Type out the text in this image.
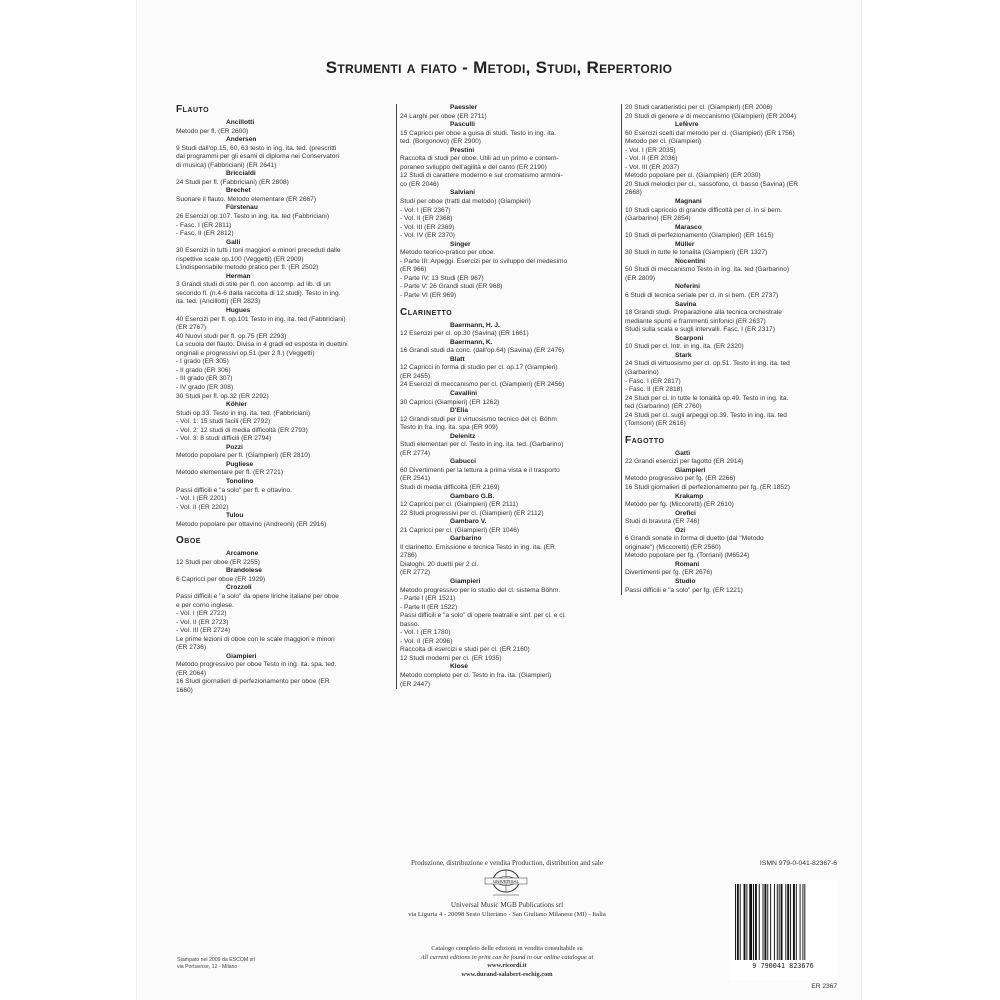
Strumenti a fiato - Metodi, Studi, Repertorio
Flauto
Ancillotti
Metodo per fl. (ER 2600)
Andersen
9 Studi dall'op.15, 60, 63 testo in ing. ita. ted. (prescritti
dai programmi per gli esami di diploma nei Conservatori
di musica) (Fabbriciani) (ER 2641)
Briccialdi
24 Studi per fl. (Fabbriciani) (ER 2808)
Brechet
Suonare il flauto. Metodo elementare (ER 2667)
Fürstenau
26 Esercizi op.107. Testo in ing. ita. ted (Fabbriciani)
- Fasc. I (ER 2811)
- Fasc. II (ER 2812)
Galli
30 Esercizi in tutti i toni maggiori e minori preceduti dalle
rispettive scale op.100 (Veggetti) (ER 2909)
L'indispensabile metodo pratico per fl. (ER 2502)
Herman
3 Grandi studi di stile per fl. con accomp. ad lib. di un
secondo fl. (n.4-6 dalla raccolta di 12 studi). Testo in ing.
ita. ted. (Ancillotti) (ER 2823)
Hugues
40 Esercizi per fl. op.101 Testo in ing. ita. ted (Fabbriciani)
(ER 2767)
40 Nuovi studi per fl. op.75 (ER 2293)
La scuola del flauto. Divisa in 4 gradi ed esposta in duettini
originali e progressivi op.51 (per 2 fl.) (Veggetti)
- I grado (ER 305)
- II grado (ER 306)
- III grado (ER 307)
- IV grado (ER 308)
30 Studi per fl. op.32 (ER 2292)
Köhler
Studi op.33. Testo in ing. ita. ted. (Fabbriciani)
- Vol. 1: 15 studi facili (ER 2792)
- Vol. 2: 12 studi di media difficoltà (ER 2793)
- Vol. 3: 8 studi difficili (ER 2794)
Pozzi
Metodo popolare per fl. (Giampieri) (ER 2810)
Pugliese
Metodo elementare per fl. (ER 2721)
Tonolino
Passi difficili e "a solo" per fl. e ottavino.
- Vol. I (ER 2201)
- Vol. II (ER 2202)
Tulou
Metodo popolare per ottavino (Andreoni) (ER 2916)
Oboe
Arcamone
12 Studi per oboe (ER 2255)
Brandolese
6 Capricci per oboe (ER 1929)
Crozzoli
Passi difficili e "a solo" da opere liriche italiane per oboe
e per corno inglese.
- Vol. I (ER 2722)
- Vol. II (ER 2723)
- Vol. III (ER 2724)
Le prime lezioni di oboe con le scale maggiori e minori
(ER 2736)
Giampieri
Metodo progressivo per oboe Testo in ing. ita. spa. ted.
(ER 2064)
16 Studi giornalieri di perfezionamento per oboe (ER
1660)
Paessler
24 Larghi per oboe (ER 2711)
Pasculli
15 Capricci per oboe a guisa di studi. Testo in ing. ita.
ted. (Borgonovo) (ER 2900)
Prestini
Raccolta di studi per oboe. Utili ad un primo e contem-
poraneo sviluppo dell'agilità e del canto (ER 2190)
12 Studi di carattere moderno e sul cromatismo armoni-
co (ER 2046)
Salviani
Studi per oboe (tratti dal metodo) (Giampieri)
- Vol. I (ER 2367)
- Vol. II (ER 2368)
- Vol. III (ER 2369)
- Vol. IV (ER 2370)
Singer
Metodo teorico-pratico per oboe.
- Parte III: Arpeggi. Esercizi per lo sviluppo del medesimo
(ER 966)
- Parte IV: 13 Studi (ER 967)
- Parte V: 26 Grandi studi (ER 968)
- Parte VI (ER 969)
Clarinetto
Baermann, H. J.
12 Esercizi per cl. op.30 (Savina) (ER 1661)
Baermann, K.
16 Grandi studi da conc. (dall'op.64) (Savina) (ER 2476)
Blatt
12 Capricci in forma di studio per cl. op.17 (Giampieri)
(ER 2455)
24 Esercizi di meccanismo per cl. (Giampieri) (ER 2456)
Cavallini
30 Capricci (Giampieri) (ER 1262)
D'Elia
12 Grandi studi per il virtuosismo tecnico del cl. Böhm
Testo in fra. ing. ita. spa (ER 909)
Delenitz
Studi elementari per cl. Testo in ing. ita. ted. (Garbarino)
(ER 2774)
Gabucci
60 Divertimenti per la lettura a prima vista e il trasporto
(ER 2541)
Studi di media difficoltà (ER 2169)
Gambaro G.B.
12 Capricci per cl. (Giampieri) (ER 2111)
22 Studi progressivi per cl. (Giampieri) (ER 2112)
Gambaro V.
21 Capricci per cl. (Giampieri) (ER 1046)
Garbarino
Il clarinetto. Emissione e tecnica Testo in ing. ita. (ER
2786)
Dialoghi. 20 duetti per 2 cl.
(ER 2772)
Giampieri
Metodo progressivo per lo studio del cl. sistema Böhm.
- Parte I (ER 1521)
- Parte II (ER 1522)
Passi difficili e "a solo" di opere teatrali e sinf. per cl. e cl.
basso.
- Vol. I (ER 1780)
- Vol. II (ER 2096)
Raccolta di esercizi e studi per cl. (ER 2160)
12 Studi moderni per cl. (ER 1935)
Klosé
Metodo completo per cl. Testo in fra. ita. (Giampieri)
(ER 2447)
20 Studi caratteristici per cl. (Giampieri) (ER 2006)
20 Studi di genere e di meccanismo (Giampieri) (ER 2004)
Lefèvre
60 Esercizi scelti dal metodo per cl. (Giampieri) (ER 1756)
Metodo per cl. (Giampieri)
- Vol. I (ER 2035)
- Vol. II (ER 2036)
- Vol. III (ER 2037)
Metodo popolare per cl. (Giampieri) (ER 2030)
20 Studi melodici per cl., sassofono, cl. basso (Savina) (ER
2668)
Magnani
10 Studi capriccio di grande difficoltà per cl. in si bem.
(Garbarino) (ER 2854)
Marasco
10 Studi di perfezionamento (Giampieri) (ER 1615)
Müller
30 Studi in tutte le tonalità (Giampieri) (ER 1327)
Nocentini
50 Studi di meccanismo Testo in ing. ita. ted (Garbarino)
(ER 2809)
Noferini
6 Studi di tecnica seriale per cl. in si bem. (ER 2737)
Savina
18 Grandi studi. Preparazione alla tecnica orchestrale
mediante spunti e frammenti sinfonici (ER 2637)
Studi sulla scala e sugli intervalli. Fasc. I (ER 2317)
Scarponi
10 Studi per cl. Intr. in ing. ita. (ER 2320)
Stark
24 Studi di virtuosismo per cl. op.51. Testo in ing. ita. ted
(Garbarino)
- Fasc. I (ER 2817)
- Fasc. II (ER 2818)
24 Studi per cl. in tutte le tonalità op.49. Testo in ing. ita.
ted (Garbarino) (ER 2760)
24 Studi per cl. sugli arpeggi op.39. Testo in ing. ita. ted
(Tomsoni) (ER 2616)
Fagotto
Gatti
22 Grandi esercizi per fagotto (ER 2914)
Giampieri
Metodo progressivo per fg. (ER 2266)
16 Studi giornalieri di perfezionamento per fg. (ER 1852)
Krakamp
Metodo per fg. (Miccoretti) (ER 2610)
Orefici
Studi di bravura (ER 746)
Ozi
6 Grandi sonate in forma di duetto (dal "Metodo
originale") (Miccoretti) (ER 2560)
Metodo popolare per fg. (Torriani) (M6524)
Romani
Divertimenti per fg. (ER 2676)
Studio
Passi difficili e "a solo" per fg. (ER 1221)
Produzione, distribuzione e vendita Production, distribution and sale
UNIVERSAL
Universal Music MGB Publications srl
via Liguria 4 - 20098 Sesto Ulteriano - San Giuliano Milanese (MI) - Italia
Catalogo completo delle edizioni in vendita consultabile su
All current editions in print can be found in our online catalogue at
www.ricordi.it
www.durand-salabert-eschig.com
Stampato nel 2009 da ESCOM srl
via Portuense, 12 - Milano
ISMN 979-0-041-82367-6
9 790041 823676
ER 2367
